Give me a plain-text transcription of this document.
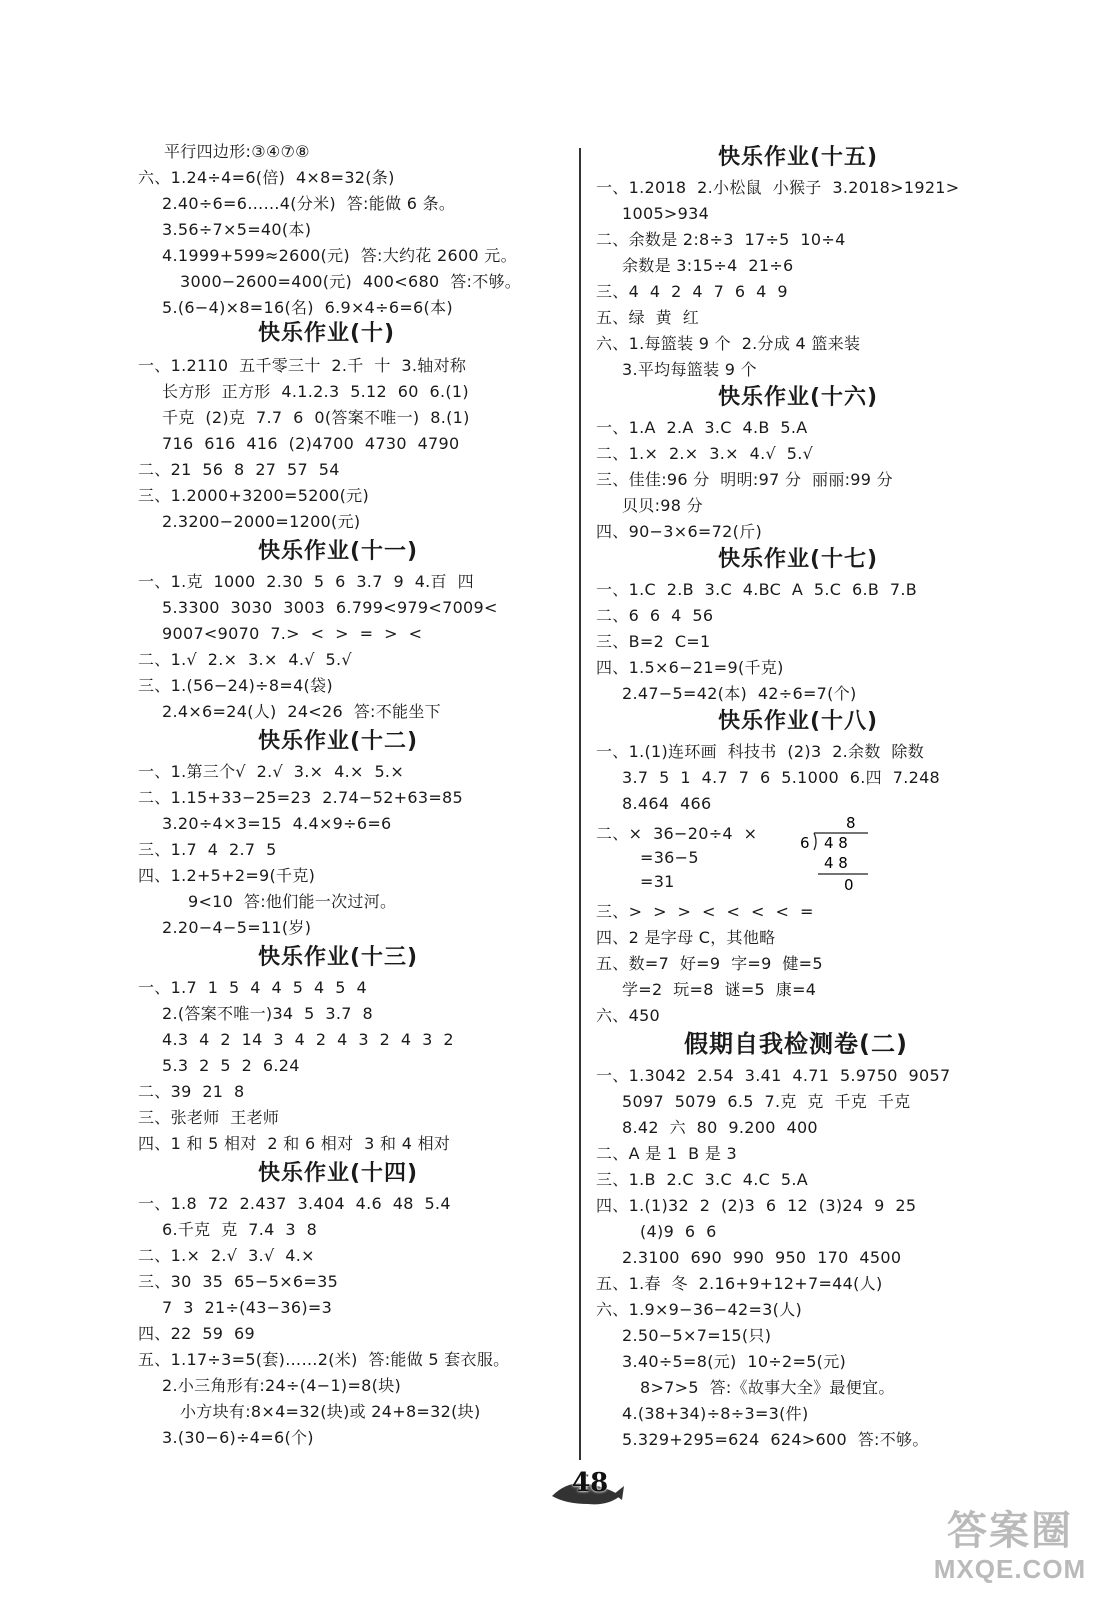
平行四边形:③④⑦⑧
六、1.24÷4=6(倍)  4×8=32(条)
2.40÷6=6……4(分米)  答:能做 6 条。
3.56÷7×5=40(本)
4.1999+599≈2600(元)  答:大约花 2600 元。
3000−2600=400(元)  400<680  答:不够。
5.(6−4)×8=16(名)  6.9×4÷6=6(本)
快乐作业(十)
一、1.2110  五千零三十  2.千  十  3.轴对称
长方形  正方形  4.1.2.3  5.12  60  6.(1)
千克  (2)克  7.7  6  0(答案不唯一)  8.(1)
716  616  416  (2)4700  4730  4790
二、21  56  8  27  57  54
三、1.2000+3200=5200(元)
2.3200−2000=1200(元)
快乐作业(十一)
一、1.克  1000  2.30  5  6  3.7  9  4.百  四
5.3300  3030  3003  6.799<979<7009<
9007<9070  7.>  <  >  =  >  <
二、1.√  2.×  3.×  4.√  5.√
三、1.(56−24)÷8=4(袋)
2.4×6=24(人)  24<26  答:不能坐下
快乐作业(十二)
一、1.第三个√  2.√  3.×  4.×  5.×
二、1.15+33−25=23  2.74−52+63=85
3.20÷4×3=15  4.4×9÷6=6
三、1.7  4  2.7  5
四、1.2+5+2=9(千克)
9<10  答:他们能一次过河。
2.20−4−5=11(岁)
快乐作业(十三)
一、1.7  1  5  4  4  5  4  5  4
2.(答案不唯一)34  5  3.7  8
4.3  4  2  14  3  4  2  4  3  2  4  3  2
5.3  2  5  2  6.24
二、39  21  8
三、张老师  王老师
四、1 和 5 相对  2 和 6 相对  3 和 4 相对
快乐作业(十四)
一、1.8  72  2.437  3.404  4.6  48  5.4
6.千克  克  7.4  3  8
二、1.×  2.√  3.√  4.×
三、30  35  65−5×6=35
7  3  21÷(43−36)=3
四、22  59  69
五、1.17÷3=5(套)……2(米)  答:能做 5 套衣服。
2.小三角形有:24÷(4−1)=8(块)
小方块有:8×4=32(块)或 24+8=32(块)
3.(30−6)÷4=6(个)
快乐作业(十五)
一、1.2018  2.小松鼠  小猴子  3.2018>1921>
1005>934
二、余数是 2:8÷3  17÷5  10÷4
余数是 3:15÷4  21÷6
三、4  4  2  4  7  6  4  9
五、绿  黄  红
六、1.每篮装 9 个  2.分成 4 篮来装
3.平均每篮装 9 个
快乐作业(十六)
一、1.A  2.A  3.C  4.B  5.A
二、1.×  2.×  3.×  4.√  5.√
三、佳佳:96 分  明明:97 分  丽丽:99 分
贝贝:98 分
四、90−3×6=72(斤)
快乐作业(十七)
一、1.C  2.B  3.C  4.BC  A  5.C  6.B  7.B
二、6  6  4  56
三、B=2  C=1
四、1.5×6−21=9(千克)
2.47−5=42(本)  42÷6=7(个)
快乐作业(十八)
一、1.(1)连环画  科技书  (2)3  2.余数  除数
3.7  5  1  4.7  7  6  5.1000  6.四  7.248
8.464  466
二、×  36−20÷4  ×
=36−5
=31
8
6 4 8
4 8
0
三、>  >  >  <  <  <  <  =
四、2 是字母 C，其他略
五、数=7  好=9  字=9  健=5
学=2  玩=8  谜=5  康=4
六、450
假期自我检测卷(二)
一、1.3042  2.54  3.41  4.71  5.9750  9057
5097  5079  6.5  7.克  克  千克  千克
8.42  六  80  9.200  400
二、A 是 1  B 是 3
三、1.B  2.C  3.C  4.C  5.A
四、1.(1)32  2  (2)3  6  12  (3)24  9  25
(4)9  6  6
2.3100  690  990  950  170  4500
五、1.春  冬  2.16+9+12+7=44(人)
六、1.9×9−36−42=3(人)
2.50−5×7=15(只)
3.40÷5=8(元)  10÷2=5(元)
8>7>5  答:《故事大全》最便宜。
4.(38+34)÷8÷3=3(件)
5.329+295=624  624>600  答:不够。
48
答案圈
MXQE.COM
